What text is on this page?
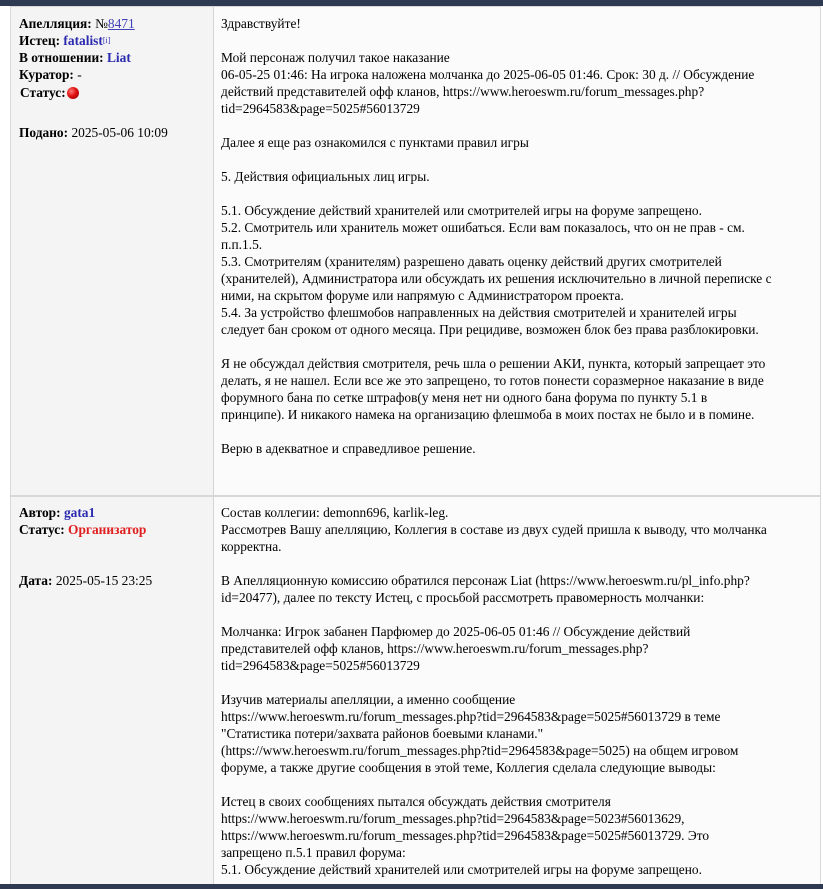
Апелляция: №8471
Истец: fatalist[i]
В отношении: Liat
Куратор: -
Статус:
Подано: 2025-05-06 10:09
Здравствуйте!

Мой персонаж получил такое наказание

06-05-25 01:46: На игрока наложена молчанка до 2025-06-05 01:46. Срок: 30 д. // Обсуждение

действий представителей офф кланов, https://www.heroeswm.ru/forum_messages.php?

tid=2964583&page=5025#56013729

Далее я еще раз ознакомился с пунктами правил игры
5. Действия официальных лиц игры.

5.1. Обсуждение действий хранителей или смотрителей игры на форуме запрещено.

5.2. Смотритель или хранитель может ошибаться. Если вам показалось, что он не прав - см.

п.п.1.5.

5.3. Смотрителям (хранителям) разрешено давать оценку действий других смотрителей

(хранителей), Администратора или обсуждать их решения исключительно в личной переписке с

ними, на скрытом форуме или напрямую с Администратором проекта.

5.4. За устройство флешмобов направленных на действия смотрителей и хранителей игры

следует бан сроком от одного месяца. При рецидиве, возможен блок без права разблокировки.

Я не обсуждал действия смотрителя, речь шла о решении АКИ, пункта, который запрещает это

делать, я не нашел. Если все же это запрещено, то готов понести соразмерное наказание в виде

форумного бана по сетке штрафов(у меня нет ни одного бана форума по пункту 5.1 в

принципе). И никакого намека на организацию флешмоба в моих постах не было и в помине.

Верю в адекватное и справедливое решение.
Автор: gata1
Статус: Организатор
Дата: 2025-05-15 23:25

Состав коллегии: demonn696, karlik-leg.

Рассмотрев Вашу апелляцию, Коллегия в составе из двух судей пришла к выводу, что молчанка

корректна.

В Апелляционную комиссию обратился персонаж Liat (https://www.heroeswm.ru/pl_info.php?

id=20477), далее по тексту Истец, с просьбой рассмотреть правомерность молчанки:

Молчанка: Игрок забанен Парфюмер до 2025-06-05 01:46 // Обсуждение действий

представителей офф кланов, https://www.heroeswm.ru/forum_messages.php?

tid=2964583&page=5025#56013729

Изучив материалы апелляции, а именно сообщение

https://www.heroeswm.ru/forum_messages.php?tid=2964583&page=5025#56013729 в теме

"Статистика потери/захвата районов боевыми кланами."

(https://www.heroeswm.ru/forum_messages.php?tid=2964583&page=5025) на общем игровом

форуме, а также другие сообщения в этой теме, Коллегия сделала следующие выводы:

Истец в своих сообщениях пытался обсуждать действия смотрителя

https://www.heroeswm.ru/forum_messages.php?tid=2964583&page=5023#56013629,

https://www.heroeswm.ru/forum_messages.php?tid=2964583&page=5025#56013729. Это

запрещено п.5.1 правил форума:

5.1. Обсуждение действий хранителей или смотрителей игры на форуме запрещено.
